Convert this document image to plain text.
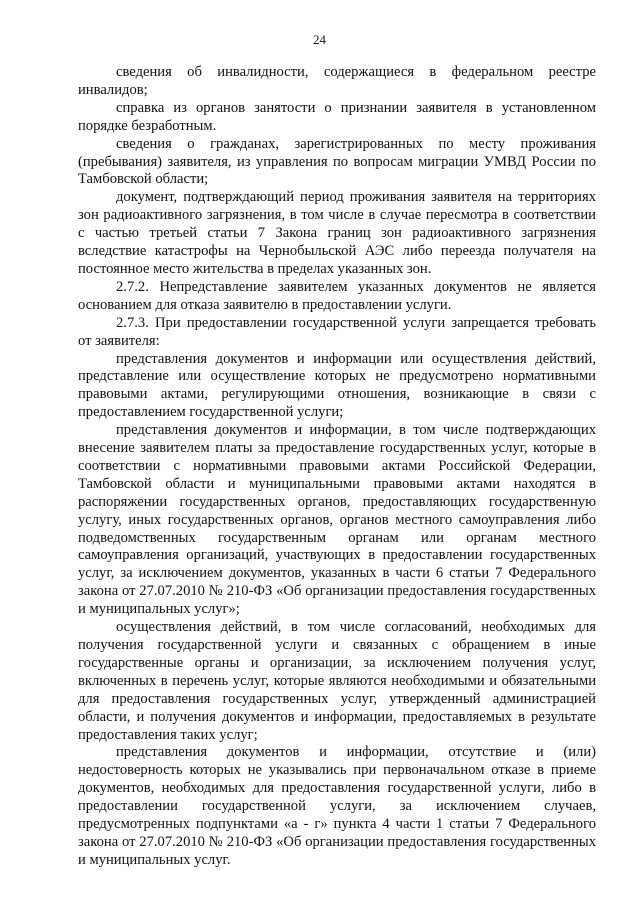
24

сведения об инвалидности, содержащиеся в федеральном реестре инвалидов;

справка из органов занятости о признании заявителя в установленном порядке безработным.

сведения о гражданах, зарегистрированных по месту проживания (пребывания) заявителя, из управления по вопросам миграции УМВД России по Тамбовской области;

документ, подтверждающий период проживания заявителя на территориях зон радиоактивного загрязнения, в том числе в случае пересмотра в соответствии с частью третьей статьи 7 Закона границ зон радиоактивного загрязнения вследствие катастрофы на Чернобыльской АЭС либо переезда получателя на постоянное место жительства в пределах указанных зон.

2.7.2. Непредставление заявителем указанных документов не является основанием для отказа заявителю в предоставлении услуги.

2.7.3. При предоставлении государственной услуги запрещается требовать от заявителя:

представления документов и информации или осуществления действий, представление или осуществление которых не предусмотрено нормативными правовыми актами, регулирующими отношения, возникающие в связи с предоставлением государственной услуги;

представления документов и информации, в том числе подтверждающих внесение заявителем платы за предоставление государственных услуг, которые в соответствии с нормативными правовыми актами Российской Федерации, Тамбовской области и муниципальными правовыми актами находятся в распоряжении государственных органов, предоставляющих государственную услугу, иных государственных органов, органов местного самоуправления либо подведомственных государственным органам или органам местного самоуправления организаций, участвующих в предоставлении государственных услуг, за исключением документов, указанных в части 6 статьи 7 Федерального закона от 27.07.2010 № 210-ФЗ «Об организации предоставления государственных и муниципальных услуг»;

осуществления действий, в том числе согласований, необходимых для получения государственной услуги и связанных с обращением в иные государственные органы и организации, за исключением получения услуг, включенных в перечень услуг, которые являются необходимыми и обязательными для предоставления государственных услуг, утвержденный администрацией области, и получения документов и информации, предоставляемых в результате предоставления таких услуг;

представления документов и информации, отсутствие и (или) недостоверность которых не указывались при первоначальном отказе в приеме документов, необходимых для предоставления государственной услуги, либо в предоставлении государственной услуги, за исключением случаев, предусмотренных подпунктами «а - г» пункта 4 части 1 статьи 7 Федерального закона от 27.07.2010 № 210-ФЗ «Об организации предоставления государственных и муниципальных услуг.
